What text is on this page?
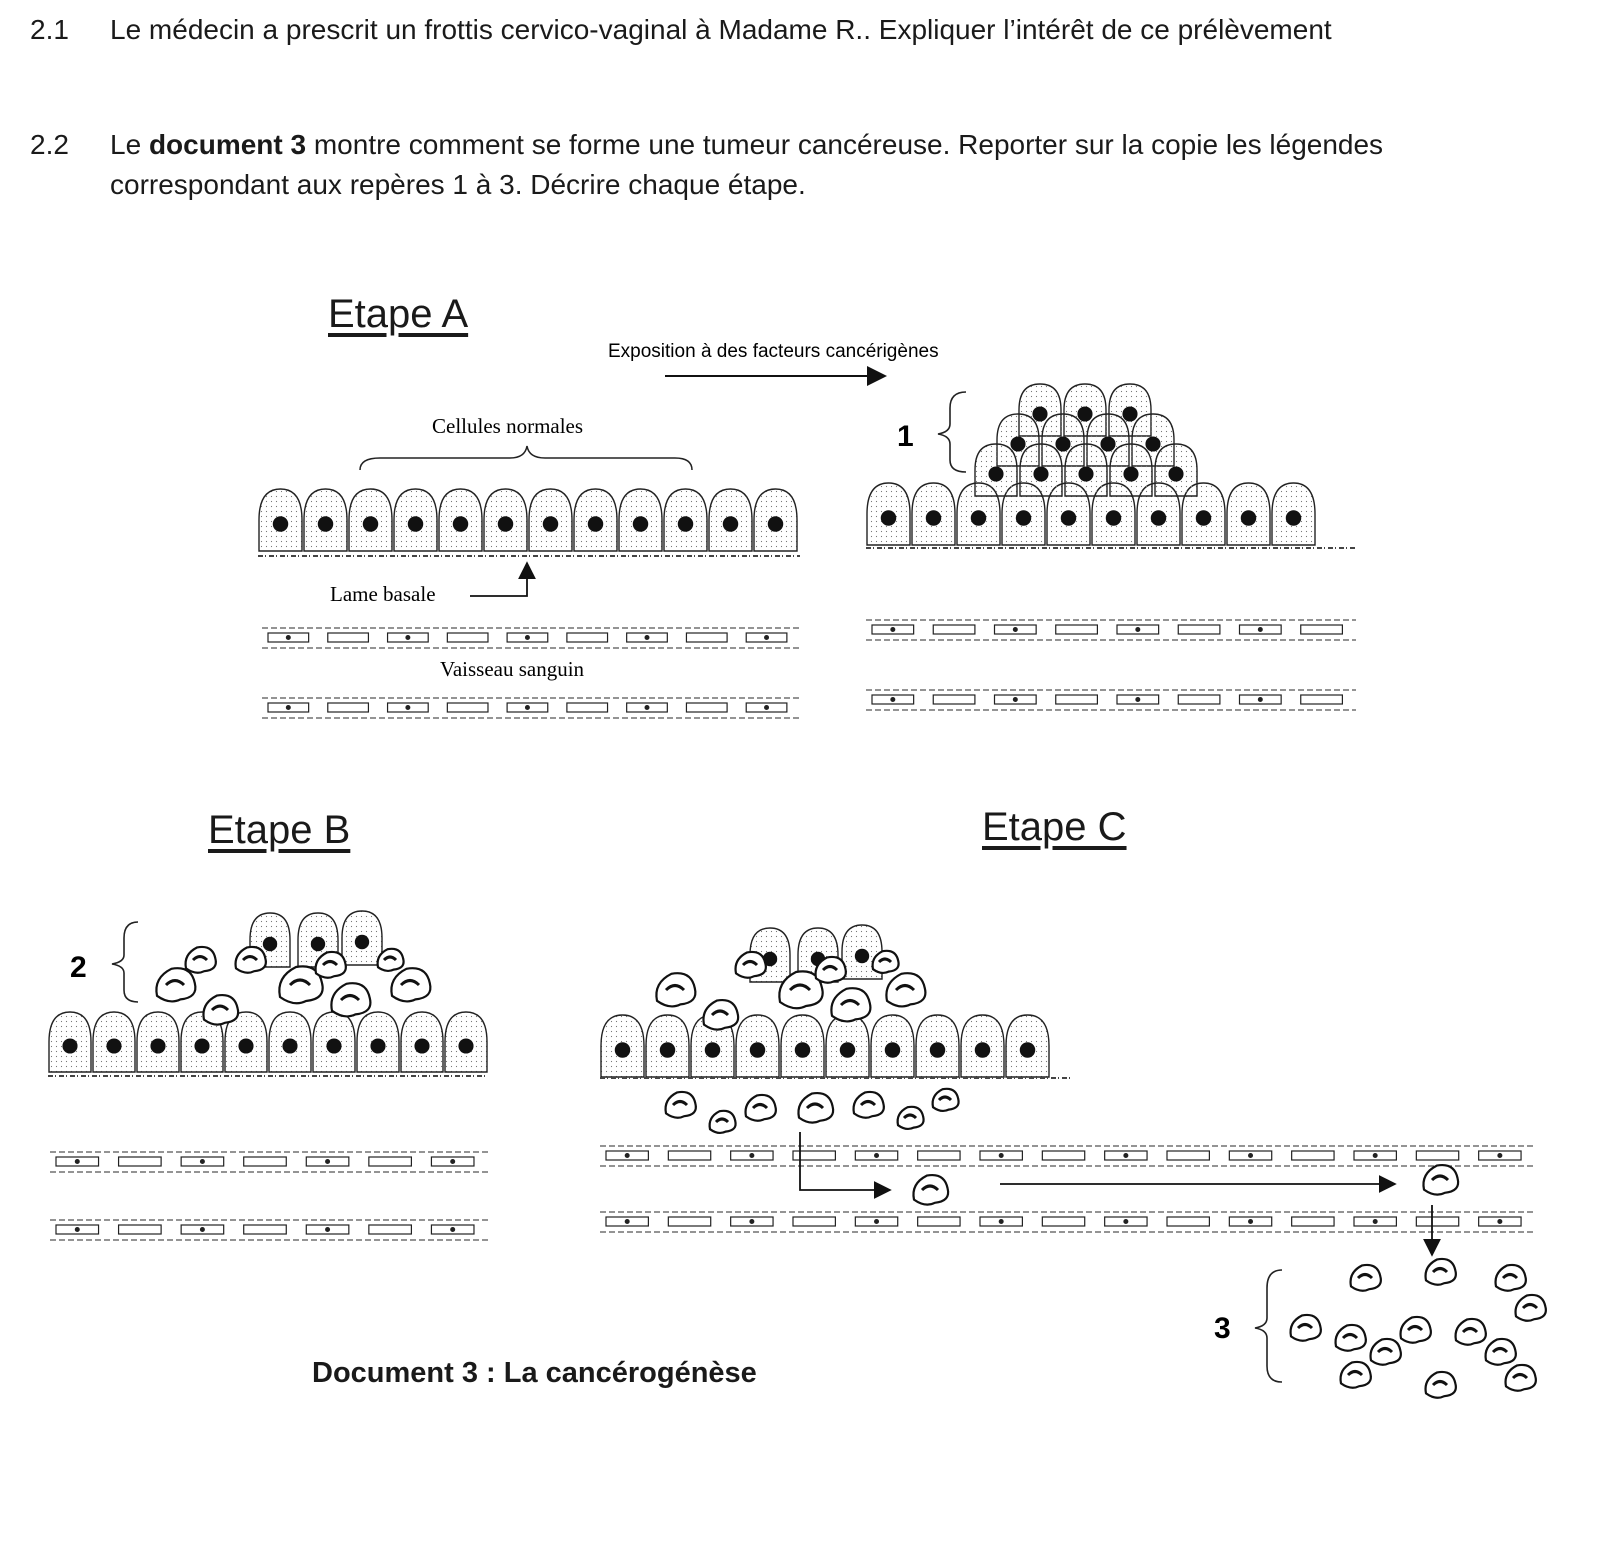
2.1 Le médecin a prescrit un frottis cervico-vaginal à Madame R.. Expliquer l’intérêt de ce prélèvement
2.2 Le document 3 montre comment se forme une tumeur cancéreuse. Reporter sur la copie les légendes correspondant aux repères 1 à 3. Décrire chaque étape.
Etape A
Etape B	Etape C
Exposition à des facteurs cancérigènes
Cellules normales
Lame basale
Vaisseau sanguin
1
2
3
Document 3 : La cancérogénèse
